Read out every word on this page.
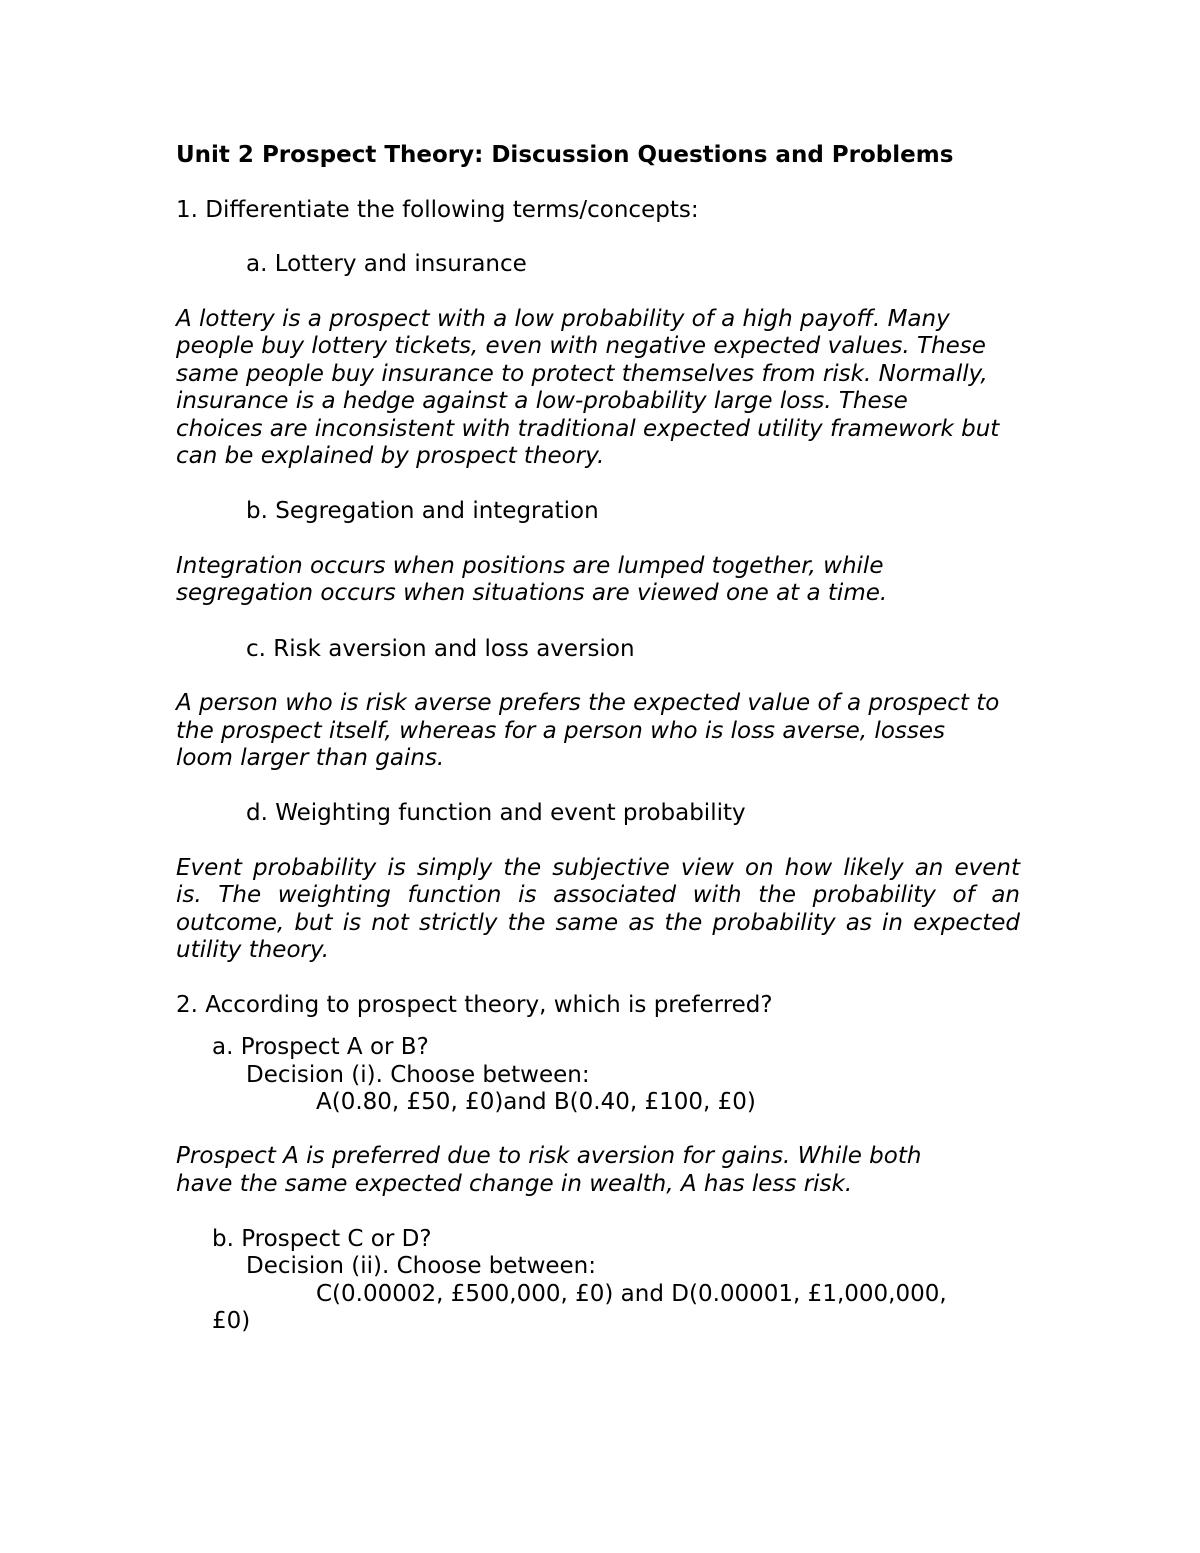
Unit 2 Prospect Theory: Discussion Questions and Problems

1. Differentiate the following terms/concepts:

a. Lottery and insurance

A lottery is a prospect with a low probability of a high payoff. Many

people buy lottery tickets, even with negative expected values. These

same people buy insurance to protect themselves from risk. Normally,

insurance is a hedge against a low-probability large loss. These

choices are inconsistent with traditional expected utility framework but

can be explained by prospect theory.

b. Segregation and integration

Integration occurs when positions are lumped together, while

segregation occurs when situations are viewed one at a time.

c. Risk aversion and loss aversion

A person who is risk averse prefers the expected value of a prospect to

the prospect itself, whereas for a person who is loss averse, losses

loom larger than gains.

d. Weighting function and event probability

Event probability is simply the subjective view on how likely an event

is. The weighting function is associated with the probability of an

outcome, but is not strictly the same as the probability as in expected

utility theory.

2. According to prospect theory, which is preferred?

a. Prospect A or B?

Decision (i). Choose between:

A(0.80, £50, £0)and B(0.40, £100, £0)

Prospect A is preferred due to risk aversion for gains. While both

have the same expected change in wealth, A has less risk.

b. Prospect C or D?

Decision (ii). Choose between:

C(0.00002, £500,000, £0) and D(0.00001, £1,000,000,

£0)
